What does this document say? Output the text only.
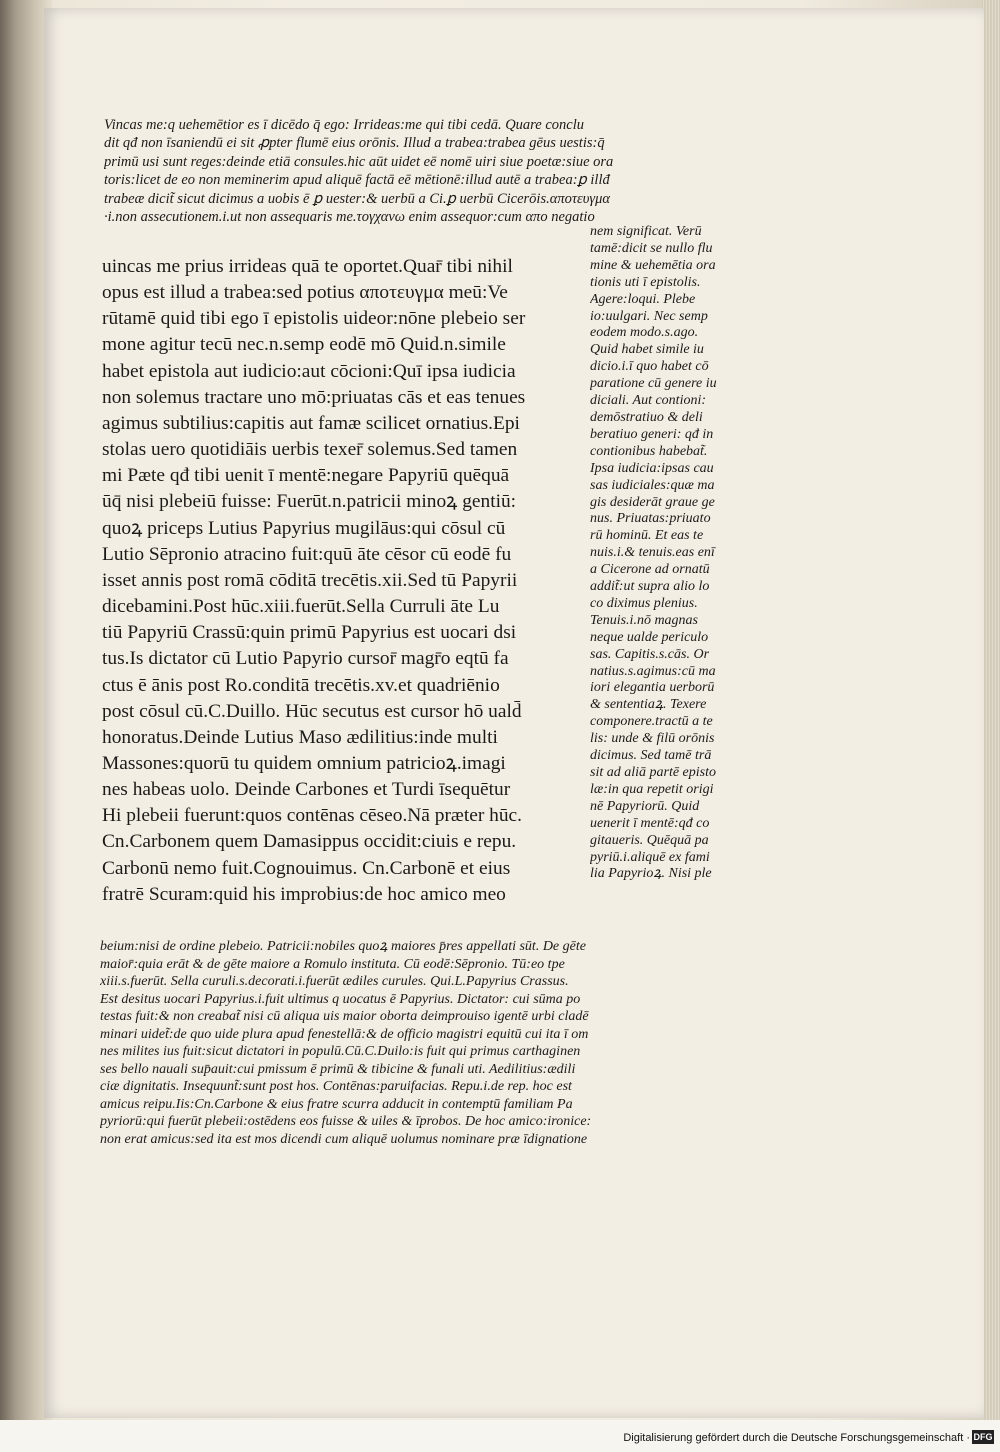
Vincas me:q uehemētior es ī dicēdo q̄ ego: Irrideas:me qui tibi cedā. Quare conclu
dit qđ non īsaniendū ei sit ꝓpter flumē eius orōnis. Illud a trabea:trabea gēus uestis:q̄
primū usi sunt reges:deinde etiā consules.hic aūt uidet eē nomē uiri siue poetæ:siue ora
toris:licet de eo non meminerim apud aliquē factā eē mētionē:illud autē a trabea:ꝑ illđ
trabeæ dicit̃ sicut dicimus a uobis ē ꝑ uester:& uerbū a Ci.ꝑ uerbū Cicerōis.αποτευγμα
·i.non assecutionem.i.ut non assequaris me.τογχανω enim assequor:cum απο negatio
uincas me prius irrideas quā te oportet.Quar̄ tibi nihil
opus est illud a trabea:sed potius αποτευγμα meū:Ve
rūtamē quid tibi ego ī epistolis uideor:nōne plebeio ser
mone agitur tecū nec.n.semp eodē mō Quid.n.simile
habet epistola aut iudicio:aut cōcioni:Quī ipsa iudicia
non solemus tractare uno mō:priuatas cās et eas tenues
agimus subtilius:capitis aut famæ scilicet ornatius.Epi
stolas uero quotidiāis uerbis texer̄ solemus.Sed tamen
mi Pæte qđ tibi uenit ī mentē:negare Papyriū quēquā
ūq̄ nisi plebeiū fuisse: Fuerūt.n.patricii minoꝝ gentiū:
quoꝝ priceps Lutius Papyrius mugilāus:qui cōsul cū
Lutio Sēpronio atracino fuit:quū āte cēsor cū eodē fu
isset annis post romā cōditā trecētis.xii.Sed tū Papyrii
dicebamini.Post hūc.xiii.fuerūt.Sella Curruli āte Lu
tiū Papyriū Crassū:quin primū Papyrius est uocari dsi
tus.Is dictator cū Lutio Papyrio cursor̄ magr̄o eqtū fa
ctus ē ānis post Ro.conditā trecētis.xv.et quadriēnio
post cōsul cū.C.Duillo. Hūc secutus est cursor hō uald̄
honoratus.Deinde Lutius Maso ædilitius:inde multi
Massones:quorū tu quidem omnium patricioꝝ.imagi
nes habeas uolo. Deinde Carbones et Turdi īsequētur
Hi plebeii fuerunt:quos contēnas cēseo.Nā præter hūc.
Cn.Carbonem quem Damasippus occidit:ciuis e repu.
Carbonū nemo fuit.Cognouimus. Cn.Carbonē et eius
fratrē Scuram:quid his improbius:de hoc amico meo
nem significat. Verū
tamē:dicit se nullo flu
mine & uehemētia ora
tionis uti ī epistolis.
Agere:loqui. Plebe
io:uulgari. Nec semp
eodem modo.s.ago.
Quid habet simile iu
dicio.i.ī quo habet cō
paratione cū genere iu
diciali. Aut contioni:
demōstratiuo & deli
beratiuo generi: qđ in
contionibus habebat̃.
Ipsa iudicia:ipsas cau
sas iudiciales:quæ ma
gis desiderāt graue ge
nus. Priuatas:priuato
rū hominū. Et eas te
nuis.i.& tenuis.eas enī
a Cicerone ad ornatū
addit̃:ut supra alio lo
co diximus plenius.
Tenuis.i.nō magnas
neque ualde periculo
sas. Capitis.s.cās. Or
natius.s.agimus:cū ma
iori elegantia uerborū
& sententiaꝝ. Texere
componere.tractū a te
lis: unde & filū orōnis
dicimus. Sed tamē trā
sit ad aliā partē episto
læ:in qua repetit origi
nē Papyriorū. Quid
uenerit ī mentē:qđ co
gitaueris. Quēquā pa
pyriū.i.aliquē ex fami
lia Papyrioꝝ. Nisi ple
beium:nisi de ordine plebeio. Patricii:nobiles quoꝝ maiores p̄res appellati sūt. De gēte
maior̄:quia erāt & de gēte maiore a Romulo instituta. Cū eodē:Sēpronio. Tū:eo tpe
xiii.s.fuerūt. Sella curuli.s.decorati.i.fuerūt ædiles curules. Qui.L.Papyrius Crassus.
Est desitus uocari Papyrius.i.fuit ultimus q uocatus ē Papyrius. Dictator: cui sūma po
testas fuit:& non creabat̃ nisi cū aliqua uis maior oborta deimprouiso igentē urbi cladē
minari uidet̃:de quo uide plura apud fenestellā:& de officio magistri equitū cui ita ī om
nes milites ius fuit:sicut dictatori in populū.Cū.C.Duilo:is fuit qui primus carthaginen
ses bello nauali sup̄auit:cui pmissum ē primū & tibicine & funali uti. Aedilitius:ædili
ciæ dignitatis. Insequunt̃:sunt post hos. Contēnas:paruifacias. Repu.i.de rep. hoc est
amicus reipu.Iis:Cn.Carbone & eius fratre scurra adducit in contemptū familiam Pa
pyriorū:qui fuerūt plebeii:ostēdens eos fuisse & uiles & īprobos. De hoc amico:ironice:
non erat amicus:sed ita est mos dicendi cum aliquē uolumus nominare præ īdignatione
Digitalisierung gefördert durch die Deutsche Forschungsgemeinschaft · DFG
